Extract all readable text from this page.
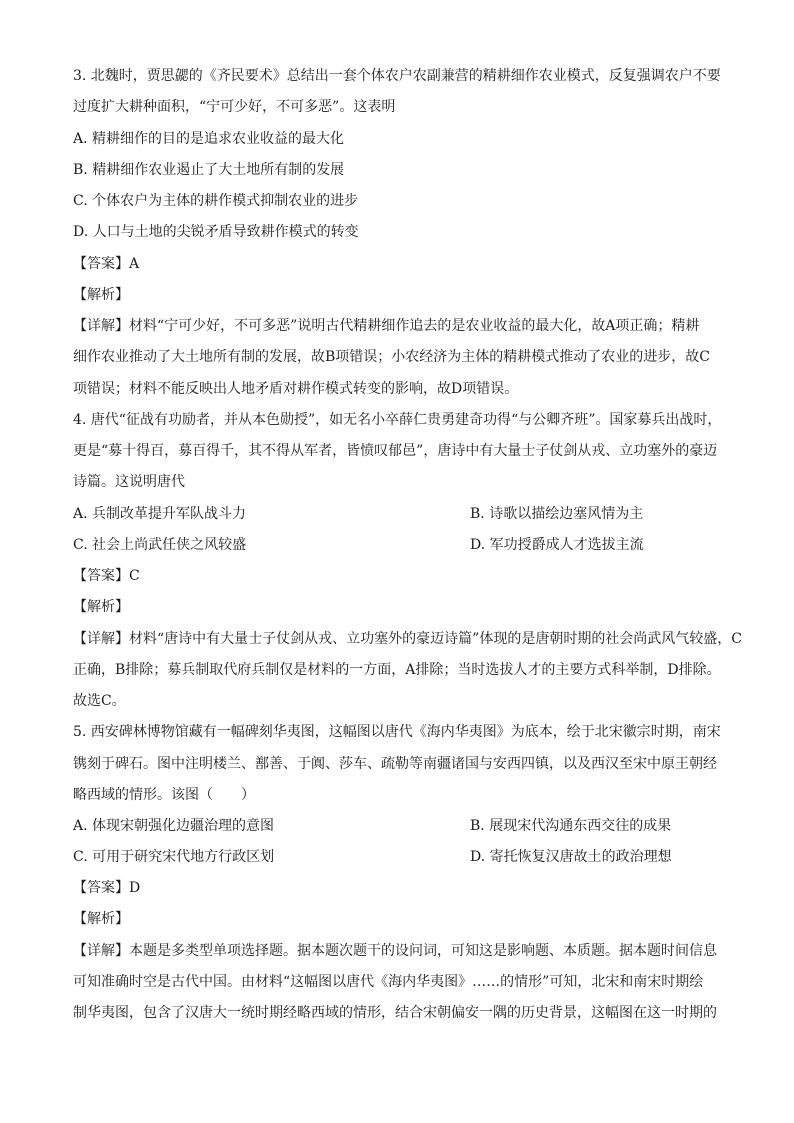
3. 北魏时，贾思勰的《齐民要术》总结出一套个体农户农副兼营的精耕细作农业模式，反复强调农户不要
过度扩大耕种面积，“宁可少好，不可多恶”。这表明
A. 精耕细作的目的是追求农业收益的最大化
B. 精耕细作农业遏止了大土地所有制的发展
C. 个体农户为主体的耕作模式抑制农业的进步
D. 人口与土地的尖锐矛盾导致耕作模式的转变
【答案】A
【解析】
【详解】材料“宁可少好，不可多恶”说明古代精耕细作追去的是农业收益的最大化，故A项正确；精耕
细作农业推动了大土地所有制的发展，故B项错误；小农经济为主体的精耕模式推动了农业的进步，故C
项错误；材料不能反映出人地矛盾对耕作模式转变的影响，故D项错误。
4. 唐代“征战有功励者，并从本色勋授”，如无名小卒薛仁贵勇建奇功得“与公卿齐班”。国家募兵出战时，
更是“募十得百，募百得千，其不得从军者，皆愤叹郁邑”，唐诗中有大量士子仗剑从戎、立功塞外的豪迈
诗篇。这说明唐代
A. 兵制改革提升军队战斗力	B. 诗歌以描绘边塞风情为主
C. 社会上尚武任侠之风较盛	D. 军功授爵成人才选拔主流
【答案】C
【解析】
【详解】材料“唐诗中有大量士子仗剑从戎、立功塞外的豪迈诗篇”体现的是唐朝时期的社会尚武风气较盛，C
正确，B排除；募兵制取代府兵制仅是材料的一方面，A排除；当时选拔人才的主要方式科举制，D排除。
故选C。
5. 西安碑林博物馆藏有一幅碑刻华夷图，这幅图以唐代《海内华夷图》为底本，绘于北宋徽宗时期，南宋
镌刻于碑石。图中注明楼兰、鄯善、于阗、莎车、疏勒等南疆诸国与安西四镇，以及西汉至宋中原王朝经
略西域的情形。该图（　　）
A. 体现宋朝强化边疆治理的意图	B. 展现宋代沟通东西交往的成果
C. 可用于研究宋代地方行政区划	D. 寄托恢复汉唐故土的政治理想
【答案】D
【解析】
【详解】本题是多类型单项选择题。据本题次题干的设问词，可知这是影响题、本质题。据本题时间信息
可知准确时空是古代中国。由材料“这幅图以唐代《海内华夷图》……的情形”可知，北宋和南宋时期绘
制华夷图，包含了汉唐大一统时期经略西域的情形，结合宋朝偏安一隅的历史背景，这幅图在这一时期的
